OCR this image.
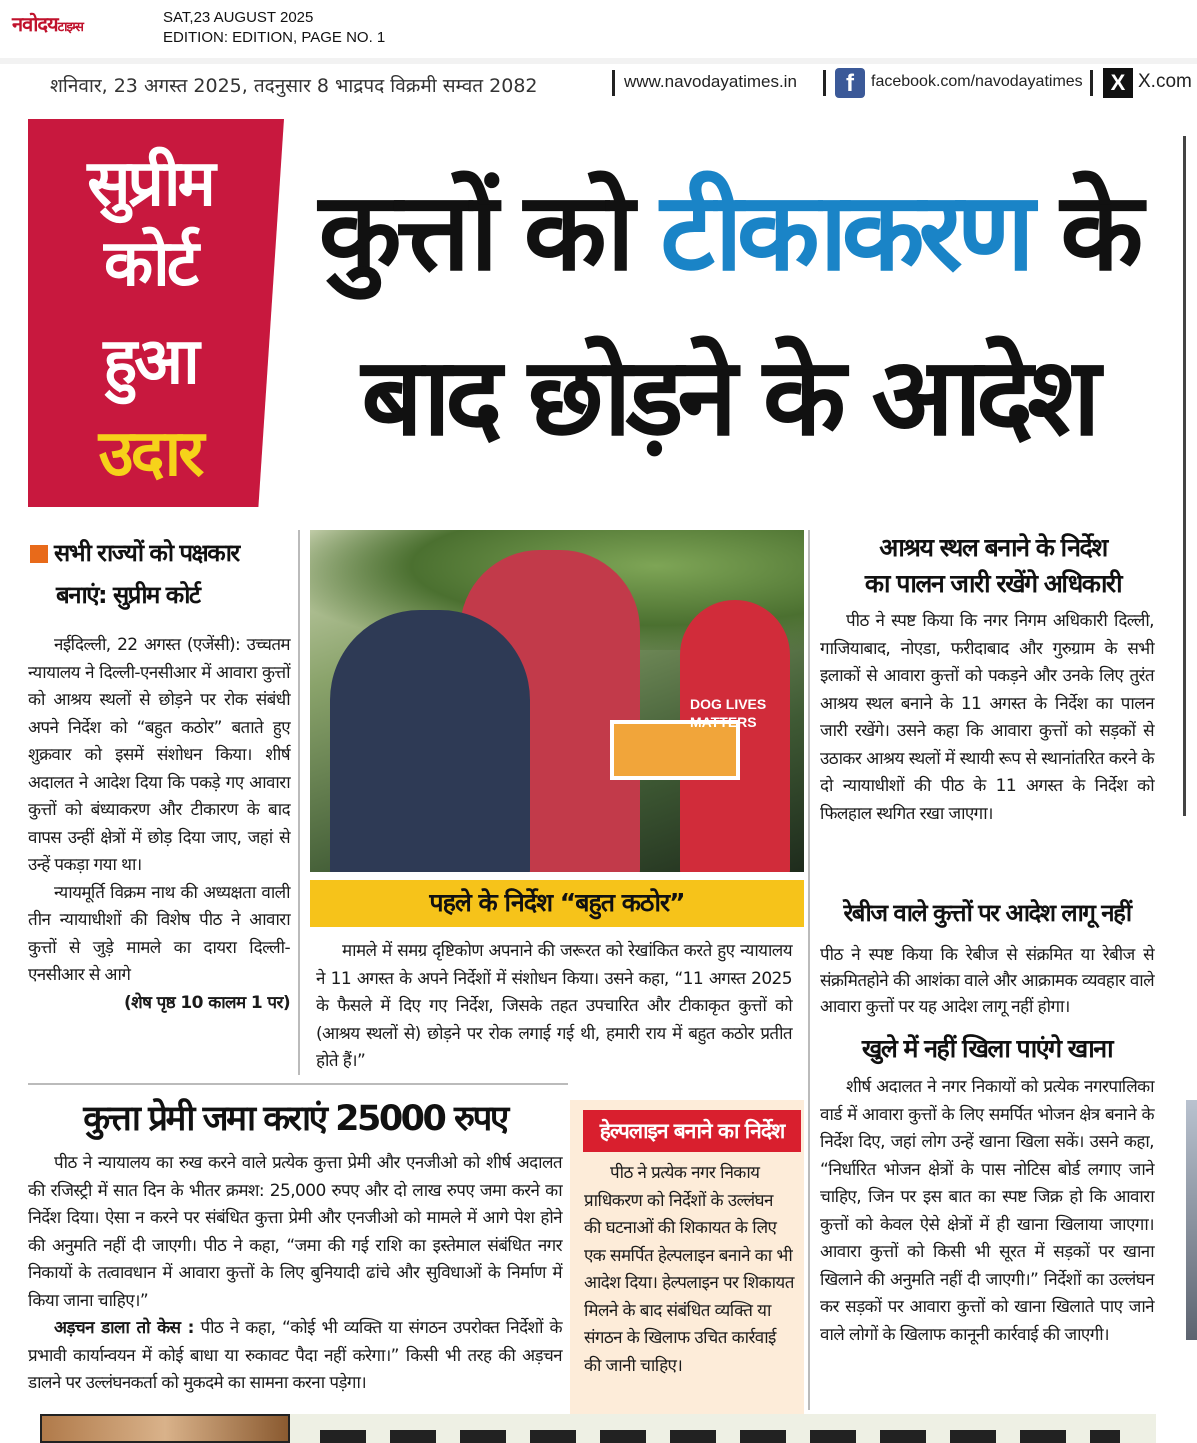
नवोदयटाइम्स
SAT,23 AUGUST 2025
EDITION: EDITION, PAGE NO. 1
शनिवार, 23 अगस्त 2025, तदनुसार 8 भाद्रपद विक्रमी सम्वत 2082	www.navodayatimes.in	f	facebook.com/navodayatimes	X X.com
सुप्रीम
कोर्ट
हुआ
उदार
कुत्तों को टीकाकरण के
बाद छोड़ने के आदेश
सभी राज्यों को पक्षकार
बनाएं: सुप्रीम कोर्ट

नईदिल्ली, 22 अगस्त (एजेंसी): उच्चतम न्यायालय ने दिल्ली-एनसीआर में आवारा कुत्तों को आश्रय स्थलों से छोड़ने पर रोक संबंधी अपने निर्देश को “बहुत कठोर” बताते हुए शुक्रवार को इसमें संशोधन किया। शीर्ष अदालत ने आदेश दिया कि पकड़े गए आवारा कुत्तों को बंध्याकरण और टीकारण के बाद वापस उन्हीं क्षेत्रों में छोड़ दिया जाए, जहां से उन्हें पकड़ा गया था।

न्यायमूर्ति विक्रम नाथ की अध्यक्षता वाली तीन न्यायाधीशों की विशेष पीठ ने आवारा कुत्तों से जुड़े मामले का दायरा दिल्ली-एनसीआर से आगे

(शेष पृष्ठ 10 कालम 1 पर)
DOG LIVES MATTERS
पहले के निर्देश “बहुत कठोर”

मामले में समग्र दृष्टिकोण अपनाने की जरूरत को रेखांकित करते हुए न्यायालय ने 11 अगस्त के अपने निर्देशों में संशोधन किया। उसने कहा, “11 अगस्त 2025 के फैसले में दिए गए निर्देश, जिसके तहत उपचारित और टीकाकृत कुत्तों को (आश्रय स्थलों से) छोड़ने पर रोक लगाई गई थी, हमारी राय में बहुत कठोर प्रतीत होते हैं।”

आश्रय स्थल बनाने के निर्देश
का पालन जारी रखेंगे अधिकारी

पीठ ने स्पष्ट किया कि नगर निगम अधिकारी दिल्ली, गाजियाबाद, नोएडा, फरीदाबाद और गुरुग्राम के सभी इलाकों से आवारा कुत्तों को पकड़ने और उनके लिए तुरंत आश्रय स्थल बनाने के 11 अगस्त के निर्देश का पालन जारी रखेंगे। उसने कहा कि आवारा कुत्तों को सड़कों से उठाकर आश्रय स्थलों में स्थायी रूप से स्थानांतरित करने के दो न्यायाधीशों की पीठ के 11 अगस्त के निर्देश को फिलहाल स्थगित रखा जाएगा।

रेबीज वाले कुत्तों पर आदेश लागू नहीं
पीठ ने स्पष्ट किया कि रेबीज से संक्रमित या रेबीज से संक्रमितहोने की आशंका वाले और आक्रामक व्यवहार वाले आवारा कुत्तों पर यह आदेश लागू नहीं होगा।
खुले में नहीं खिला पाएंगे खाना

शीर्ष अदालत ने नगर निकायों को प्रत्येक नगरपालिका वार्ड में आवारा कुत्तों के लिए समर्पित भोजन क्षेत्र बनाने के निर्देश दिए, जहां लोग उन्हें खाना खिला सकें। उसने कहा, “निर्धारित भोजन क्षेत्रों के पास नोटिस बोर्ड लगाए जाने चाहिए, जिन पर इस बात का स्पष्ट जिक्र हो कि आवारा कुत्तों को केवल ऐसे क्षेत्रों में ही खाना खिलाया जाएगा। आवारा कुत्तों को किसी भी सूरत में सड़कों पर खाना खिलाने की अनुमति नहीं दी जाएगी।” निर्देशों का उल्लंघन कर सड़कों पर आवारा कुत्तों को खाना खिलाते पाए जाने वाले लोगों के खिलाफ कानूनी कार्रवाई की जाएगी।

कुत्ता प्रेमी जमा कराएं 25000 रुपए

पीठ ने न्यायालय का रुख करने वाले प्रत्येक कुत्ता प्रेमी और एनजीओ को शीर्ष अदालत की रजिस्ट्री में सात दिन के भीतर क्रमश: 25,000 रुपए और दो लाख रुपए जमा करने का निर्देश दिया। ऐसा न करने पर संबंधित कुत्ता प्रेमी और एनजीओ को मामले में आगे पेश होने की अनुमति नहीं दी जाएगी। पीठ ने कहा, “जमा की गई राशि का इस्तेमाल संबंधित नगर निकायों के तत्वावधान में आवारा कुत्तों के लिए बुनियादी ढांचे और सुविधाओं के निर्माण में किया जाना चाहिए।”

अड़चन डाला तो केस : पीठ ने कहा, “कोई भी व्यक्ति या संगठन उपरोक्त निर्देशों के प्रभावी कार्यान्वयन में कोई बाधा या रुकावट पैदा नहीं करेगा।” किसी भी तरह की अड़चन डालने पर उल्लंघनकर्ता को मुकदमे का सामना करना पड़ेगा।

हेल्पलाइन बनाने का निर्देश

पीठ ने प्रत्येक नगर निकाय प्राधिकरण को निर्देशों के उल्लंघन की घटनाओं की शिकायत के लिए एक समर्पित हेल्पलाइन बनाने का भी आदेश दिया। हेल्पलाइन पर शिकायत मिलने के बाद संबंधित व्यक्ति या संगठन के खिलाफ उचित कार्रवाई की जानी चाहिए।
